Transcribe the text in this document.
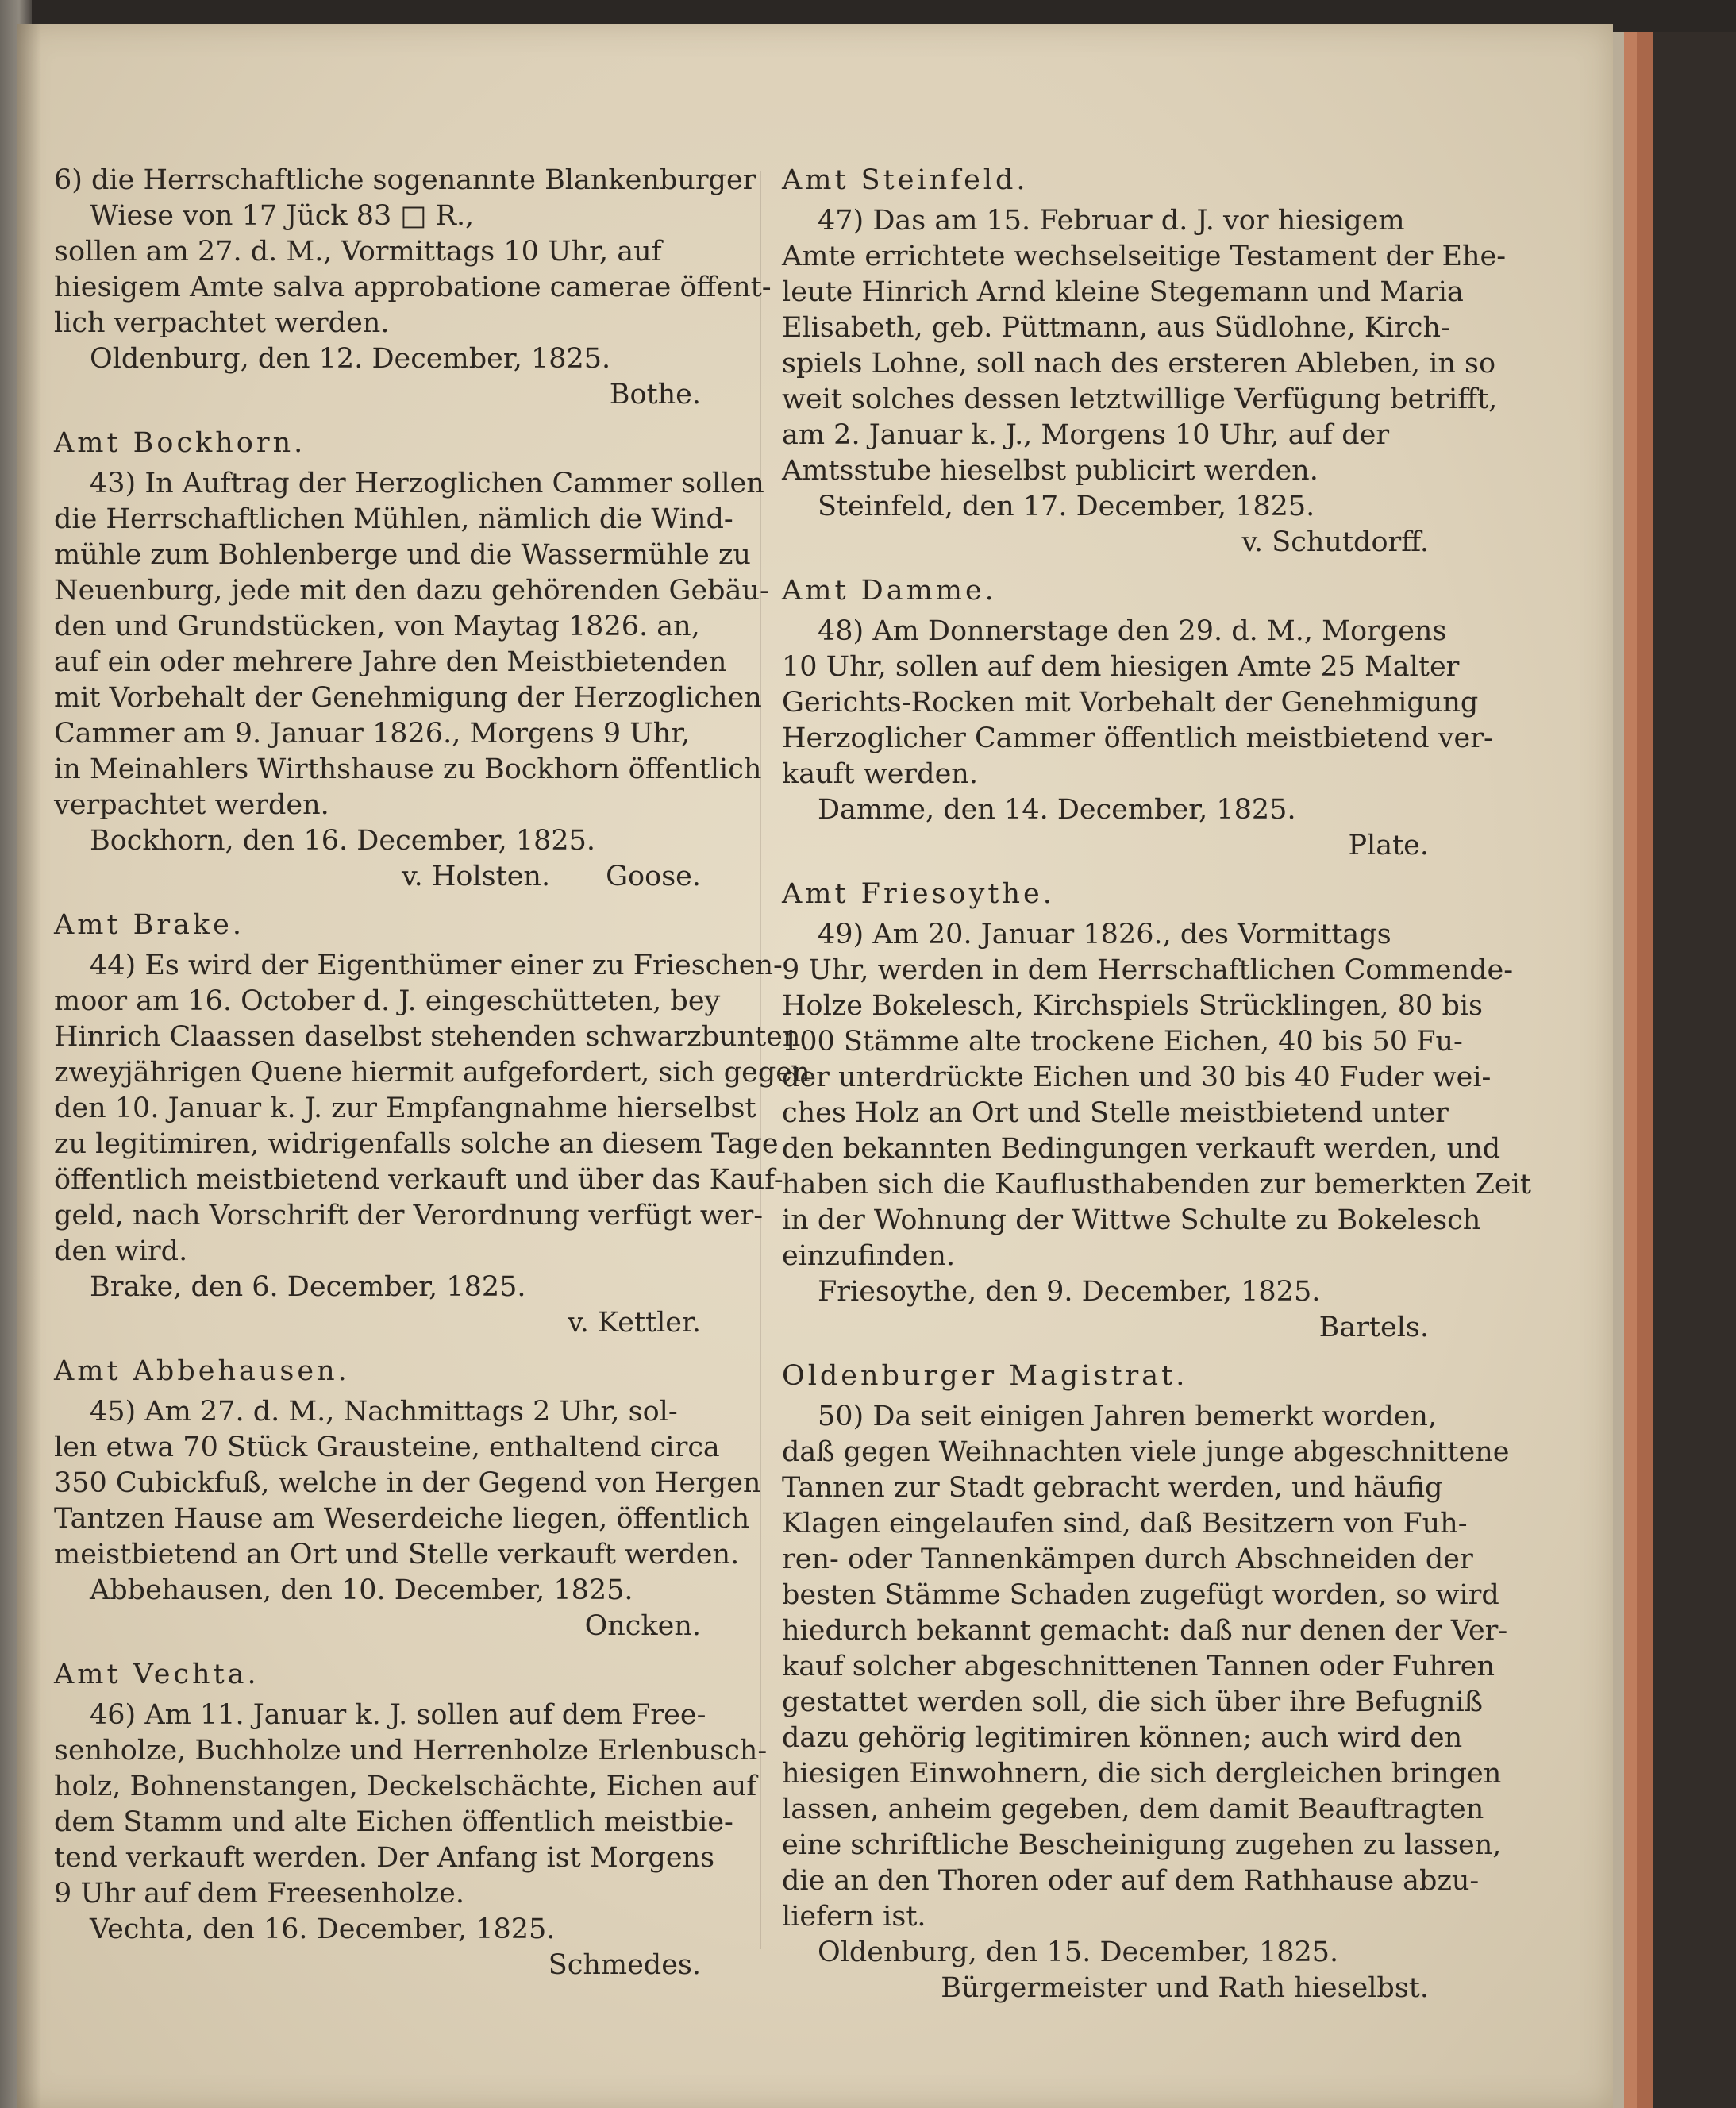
6) die Herrschaftliche sogenannte Blankenburger
Wiese von 17 Jück 83 □ R.,
sollen am 27. d. M., Vormittags 10 Uhr, auf
hiesigem Amte salva approbatione camerae öffent-
lich verpachtet werden.

Oldenburg, den 12. December, 1825.

Bothe.

Amt Bockhorn.

43) In Auftrag der Herzoglichen Cammer sollen
die Herrschaftlichen Mühlen, nämlich die Wind-
mühle zum Bohlenberge und die Wassermühle zu
Neuenburg, jede mit den dazu gehörenden Gebäu-
den und Grundstücken, von Maytag 1826. an,
auf ein oder mehrere Jahre den Meistbietenden
mit Vorbehalt der Genehmigung der Herzoglichen
Cammer am 9. Januar 1826., Morgens 9 Uhr,
in Meinahlers Wirthshause zu Bockhorn öffentlich
verpachtet werden.

Bockhorn, den 16. December, 1825.

v. Holsten. Goose.

Amt Brake.

44) Es wird der Eigenthümer einer zu Frieschen-
moor am 16. October d. J. eingeschütteten, bey
Hinrich Claassen daselbst stehenden schwarzbunten
zweyjährigen Quene hiermit aufgefordert, sich gegen
den 10. Januar k. J. zur Empfangnahme hierselbst
zu legitimiren, widrigenfalls solche an diesem Tage
öffentlich meistbietend verkauft und über das Kauf-
geld, nach Vorschrift der Verordnung verfügt wer-
den wird.

Brake, den 6. December, 1825.

v. Kettler.

Amt Abbehausen.

45) Am 27. d. M., Nachmittags 2 Uhr, sol-
len etwa 70 Stück Grausteine, enthaltend circa
350 Cubickfuß, welche in der Gegend von Hergen
Tantzen Hause am Weserdeiche liegen, öffentlich
meistbietend an Ort und Stelle verkauft werden.

Abbehausen, den 10. December, 1825.

Oncken.

Amt Vechta.

46) Am 11. Januar k. J. sollen auf dem Free-
senholze, Buchholze und Herrenholze Erlenbusch-
holz, Bohnenstangen, Deckelschächte, Eichen auf
dem Stamm und alte Eichen öffentlich meistbie-
tend verkauft werden. Der Anfang ist Morgens
9 Uhr auf dem Freesenholze.

Vechta, den 16. December, 1825.

Schmedes.

Amt Steinfeld.

47) Das am 15. Februar d. J. vor hiesigem
Amte errichtete wechselseitige Testament der Ehe-
leute Hinrich Arnd kleine Stegemann und Maria
Elisabeth, geb. Püttmann, aus Südlohne, Kirch-
spiels Lohne, soll nach des ersteren Ableben, in so
weit solches dessen letztwillige Verfügung betrifft,
am 2. Januar k. J., Morgens 10 Uhr, auf der
Amtsstube hieselbst publicirt werden.

Steinfeld, den 17. December, 1825.

v. Schutdorff.

Amt Damme.

48) Am Donnerstage den 29. d. M., Morgens
10 Uhr, sollen auf dem hiesigen Amte 25 Malter
Gerichts-Rocken mit Vorbehalt der Genehmigung
Herzoglicher Cammer öffentlich meistbietend ver-
kauft werden.

Damme, den 14. December, 1825.

Plate.

Amt Friesoythe.

49) Am 20. Januar 1826., des Vormittags
9 Uhr, werden in dem Herrschaftlichen Commende-
Holze Bokelesch, Kirchspiels Strücklingen, 80 bis
100 Stämme alte trockene Eichen, 40 bis 50 Fu-
der unterdrückte Eichen und 30 bis 40 Fuder wei-
ches Holz an Ort und Stelle meistbietend unter
den bekannten Bedingungen verkauft werden, und
haben sich die Kauflusthabenden zur bemerkten Zeit
in der Wohnung der Wittwe Schulte zu Bokelesch
einzufinden.

Friesoythe, den 9. December, 1825.

Bartels.

Oldenburger Magistrat.

50) Da seit einigen Jahren bemerkt worden,
daß gegen Weihnachten viele junge abgeschnittene
Tannen zur Stadt gebracht werden, und häufig
Klagen eingelaufen sind, daß Besitzern von Fuh-
ren- oder Tannenkämpen durch Abschneiden der
besten Stämme Schaden zugefügt worden, so wird
hiedurch bekannt gemacht: daß nur denen der Ver-
kauf solcher abgeschnittenen Tannen oder Fuhren
gestattet werden soll, die sich über ihre Befugniß
dazu gehörig legitimiren können; auch wird den
hiesigen Einwohnern, die sich dergleichen bringen
lassen, anheim gegeben, dem damit Beauftragten
eine schriftliche Bescheinigung zugehen zu lassen,
die an den Thoren oder auf dem Rathhause abzu-
liefern ist.

Oldenburg, den 15. December, 1825.

Bürgermeister und Rath hieselbst.
